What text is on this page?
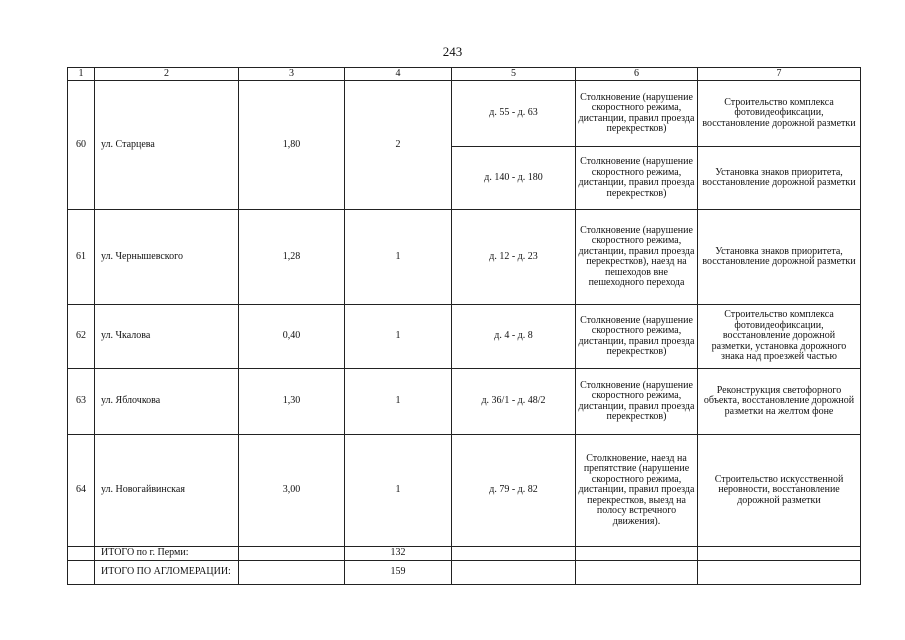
243
1	2	3	4	5	6	7
60	ул. Старцева	1,80	2	д. 55 - д. 63	Столкновение (нарушение скоростного режима, дистанции, правил проезда перекрестков)	Строительство комплекса фотовидеофиксации, восстановление дорожной разметки
				д. 140 - д. 180	Столкновение (нарушение скоростного режима, дистанции, правил проезда перекрестков)	Установка знаков приоритета, восстановление дорожной разметки
61	ул. Чернышевского	1,28	1	д. 12 - д. 23	Столкновение (нарушение скоростного режима, дистанции, правил проезда перекрестков), наезд на пешеходов вне пешеходного перехода	Установка знаков приоритета, восстановление дорожной разметки
62	ул. Чкалова	0,40	1	д. 4 - д. 8	Столкновение (нарушение скоростного режима, дистанции, правил проезда перекрестков)	Строительство комплекса фотовидеофиксации, восстановление дорожной разметки, установка дорожного знака над проезжей частью
63	ул. Яблочкова	1,30	1	д. 36/1 - д. 48/2	Столкновение (нарушение скоростного режима, дистанции, правил проезда перекрестков)	Реконструкция светофорного объекта, восстановление дорожной разметки на желтом фоне
64	ул. Новогайвинская	3,00	1	д. 79 - д. 82	Столкновение, наезд на препятствие (нарушение скоростного режима, дистанции, правил проезда перекрестков, выезд на полосу встречного движения).	Строительство искусственной неровности, восстановление дорожной разметки
	ИТОГО по г. Перми:		132			
	ИТОГО ПО АГЛОМЕРАЦИИ:		159			
